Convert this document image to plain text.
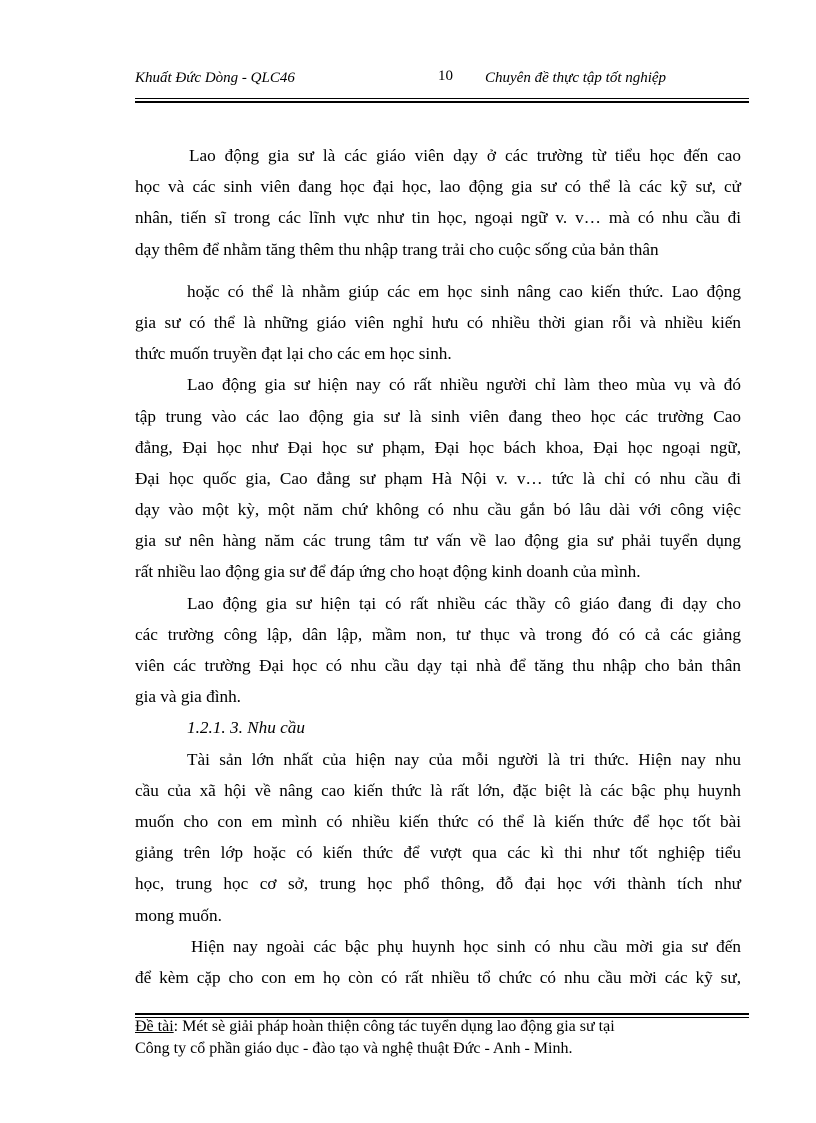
Khuất Đức Dòng - QLC46	10 Chuyên đề thực tập tốt nghiệp
Lao động gia sư là các giáo viên dạy ở các trường từ tiểu học đến cao
học và các sinh viên đang học đại học, lao động gia sư có thể là các kỹ sư, cử
nhân, tiến sĩ trong các lĩnh vực như tin học, ngoại ngữ v. v… mà có nhu cầu đi
dạy thêm để nhằm tăng thêm thu nhập trang trải cho cuộc sống của bản thân
hoặc có thể là nhằm giúp các em học sinh nâng cao kiến thức. Lao động
gia sư có thể là những giáo viên nghỉ hưu có nhiều thời gian rỗi và nhiều kiến
thức muốn truyền đạt lại cho các em học sinh.
Lao động gia sư hiện nay có rất nhiều người chỉ làm theo mùa vụ và đó
tập trung vào các lao động gia sư là sinh viên đang theo học các trường Cao
đẳng, Đại học như Đại học sư phạm, Đại học bách khoa, Đại học ngoại ngữ,
Đại học quốc gia, Cao đẳng sư phạm Hà Nội v. v… tức là chỉ có nhu cầu đi
dạy vào một kỳ, một năm chứ không có nhu cầu gắn bó lâu dài với công việc
gia sư nên hàng năm các trung tâm tư vấn về lao động gia sư phải tuyển dụng
rất nhiều lao động gia sư để đáp ứng cho hoạt động kinh doanh của mình.
Lao động gia sư hiện tại có rất nhiều các thầy cô giáo đang đi dạy cho
các trường công lập, dân lập, mầm non, tư thục và trong đó có cả các giảng
viên các trường Đại học có nhu cầu dạy tại nhà để tăng thu nhập cho bản thân
gia và gia đình.
1.2.1. 3. Nhu cầu
Tài sản lớn nhất của hiện nay của mỗi người là tri thức. Hiện nay nhu
cầu của xã hội về nâng cao kiến thức là rất lớn, đặc biệt là các bậc phụ huynh
muốn cho con em mình có nhiều kiến thức có thể là kiến thức để học tốt bài
giảng trên lớp hoặc có kiến thức để vượt qua các kì thi như tốt nghiệp tiểu
học, trung học cơ sở, trung học phổ thông, đỗ đại học với thành tích như
mong muốn.
Hiện nay ngoài các bậc phụ huynh học sinh có nhu cầu mời gia sư đến
để kèm cặp cho con em họ còn có rất nhiều tổ chức có nhu cầu mời các kỹ sư,
Đề tài: Mét sè giải pháp hoàn thiện công tác tuyển dụng lao động gia sư tại
Công ty cổ phần giáo dục - đào tạo và nghệ thuật Đức - Anh - Minh.
